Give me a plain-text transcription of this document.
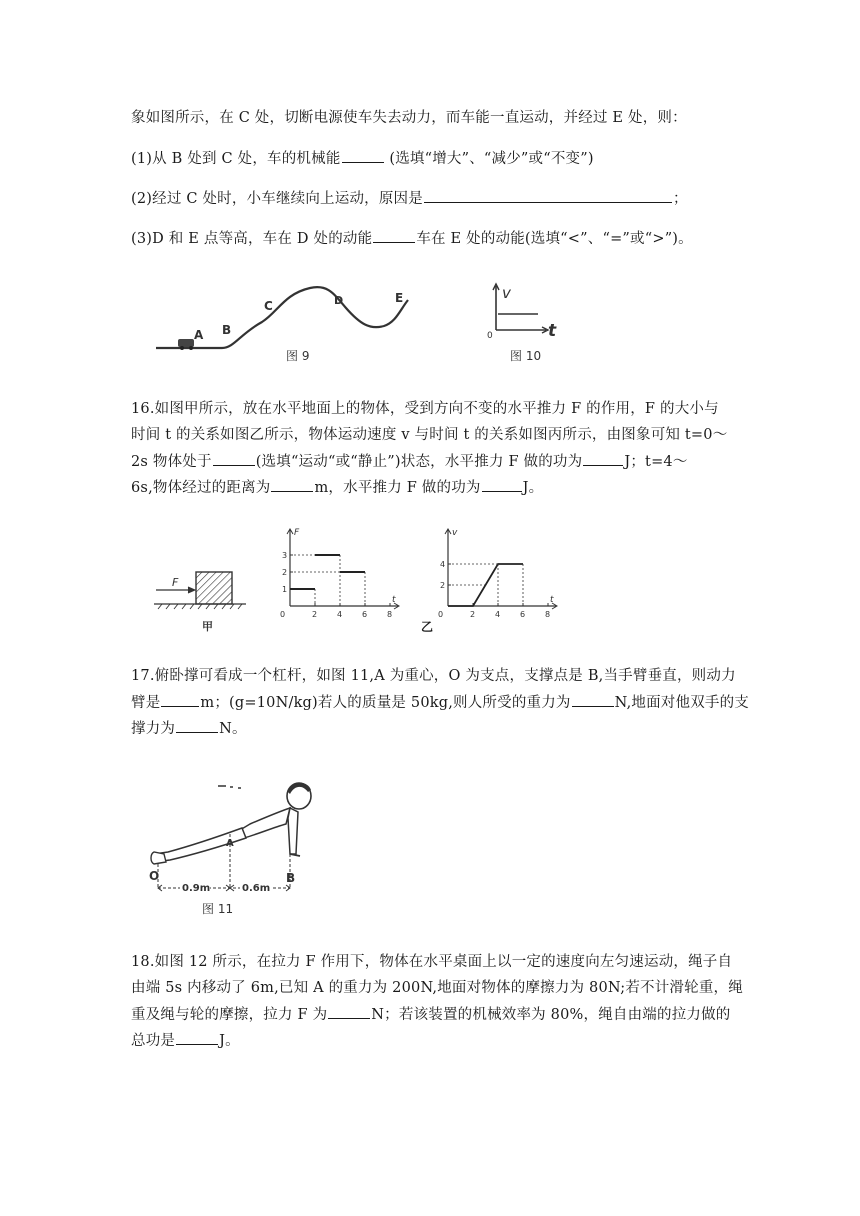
象如图所示，在 C 处，切断电源使车失去动力，而车能一直运动，并经过 E 处，则：
(1)从 B 处到 C 处，车的机械能	(选填“增大”、“减少”或“不变”)
(2)经过 C 处时，小车继续向上运动，原因是	；
(3)D 和 E 点等高，车在 D 处的动能	车在 E 处的动能(选填“<”、“=”或“>”)。
A B
C	D	E
图 9
v
t
0
图 10
16.如图甲所示，放在水平地面上的物体，受到方向不变的水平推力 F 的作用，F 的大小与
时间 t 的关系如图乙所示，物体运动速度 v 与时间 t 的关系如图丙所示，由图象可知 t=0～
2s 物体处于	(选填“运动“或“静止”)状态，水平推力 F 做的功为	J；t=4～
6s,物体经过的距离为	m，水平推力 F 做的功为	J。
F
甲
0	2 4 6 8
1
2
3
F
t
乙
0	2 4 6 8
2
4
v
t
17.俯卧撑可看成一个杠杆，如图 11,A 为重心，O 为支点，支撑点是 B,当手臂垂直，则动力
臂是	m；(g=10N/kg)若人的质量是 50kg,则人所受的重力为	N,地面对他双手的支
撑力为	N。
0.9m	0.6m
O
A
B
图 11
18.如图 12 所示，在拉力 F 作用下，物体在水平桌面上以一定的速度向左匀速运动，绳子自
由端 5s 内移动了 6m,已知 A 的重力为 200N,地面对物体的摩擦力为 80N;若不计滑轮重，绳
重及绳与轮的摩擦，拉力 F 为	N；若该装置的机械效率为 80%，绳自由端的拉力做的
总功是	J。
